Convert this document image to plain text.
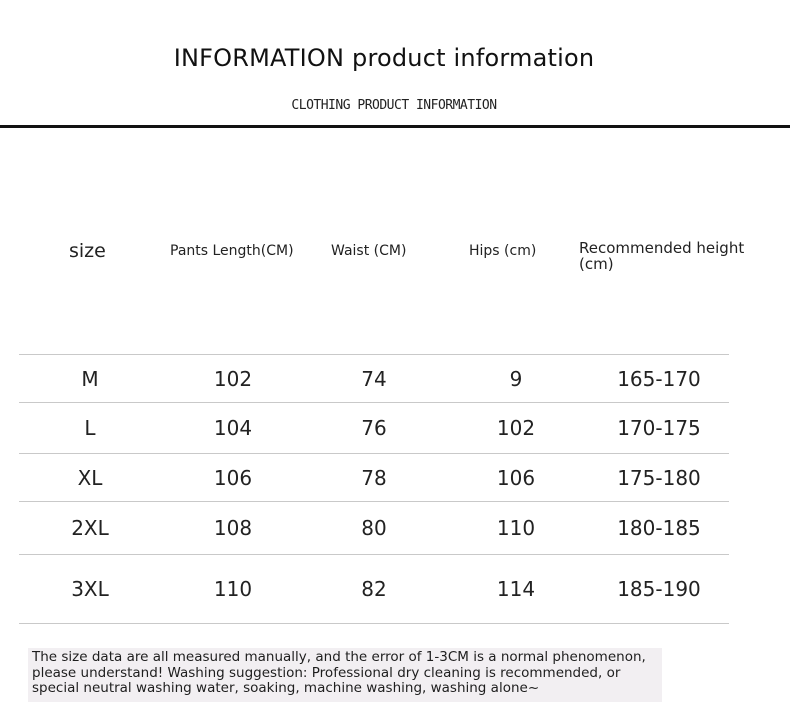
INFORMATION product information
CLOTHING PRODUCT INFORMATION
size	Pants Length(CM)	Waist (CM)	Hips (cm)	Recommended height (cm)
M	102	74	9	165-170
L	104	76	102	170-175
XL	106	78	106	175-180
2XL	108	80	110	180-185
3XL	110	82	114	185-190
The size data are all measured manually, and the error of 1-3CM is a normal phenomenon, please understand! Washing suggestion: Professional dry cleaning is recommended, or special neutral washing water, soaking, machine washing, washing alone~
